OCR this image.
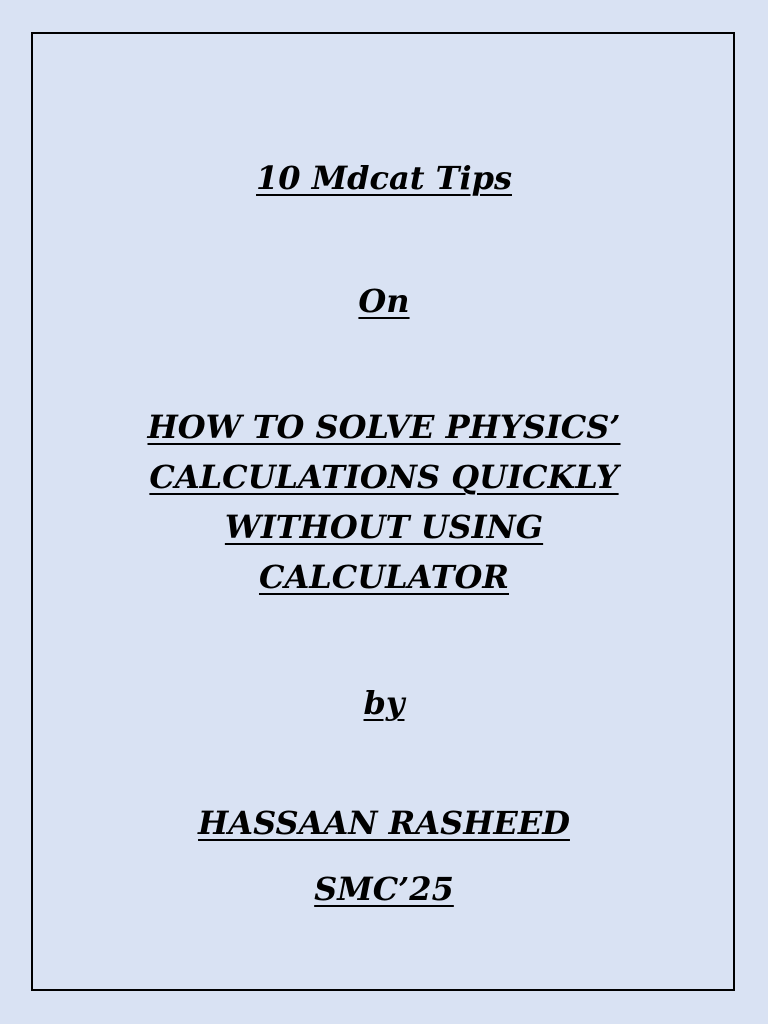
10 Mdcat Tips
On
HOW TO SOLVE PHYSICS’
CALCULATIONS QUICKLY
WITHOUT USING
CALCULATOR
by
HASSAAN RASHEED
SMC’25
